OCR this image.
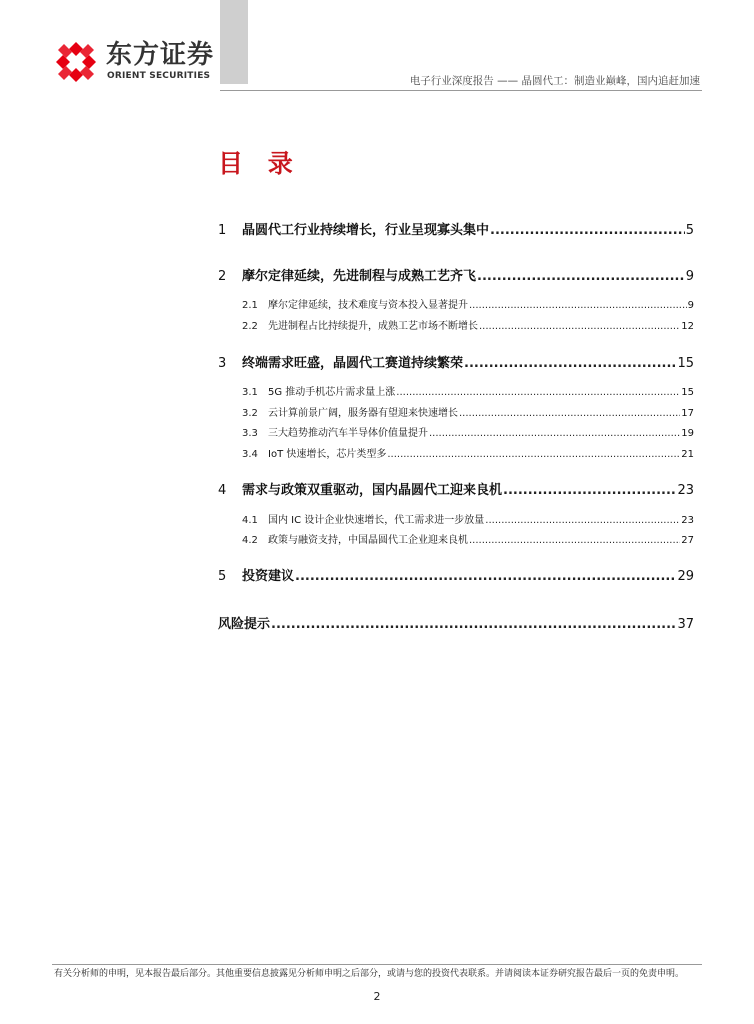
东方证券
ORIENT SECURITIES	电子行业深度报告 —— 晶圆代工：制造业巅峰，国内追赶加速
目 录
1	晶圆代工行业持续增长，行业呈现寡头集中 .....	5
2	摩尔定律延续，先进制程与成熟工艺齐飞 .....	9
2.1	摩尔定律延续，技术难度与资本投入显著提升 .....	9
2.2	先进制程占比持续提升，成熟工艺市场不断增长 .....	12
3	终端需求旺盛，晶圆代工赛道持续繁荣 .....	15
3.1	5G 推动手机芯片需求量上涨 .....	15
3.2	云计算前景广阔，服务器有望迎来快速增长 .....	17
3.3	三大趋势推动汽车半导体价值量提升 .....	19
3.4	IoT 快速增长，芯片类型多 .....	21
4	需求与政策双重驱动，国内晶圆代工迎来良机 .....	23
4.1	国内 IC 设计企业快速增长，代工需求进一步放量 .....	23
4.2	政策与融资支持，中国晶圆代工企业迎来良机 .....	27
5	投资建议 .....	29
风险提示 .....	37
有关分析师的申明，见本报告最后部分。其他重要信息披露见分析师申明之后部分，或请与您的投资代表联系。并请阅读本证券研究报告最后一页的免责申明。
2
